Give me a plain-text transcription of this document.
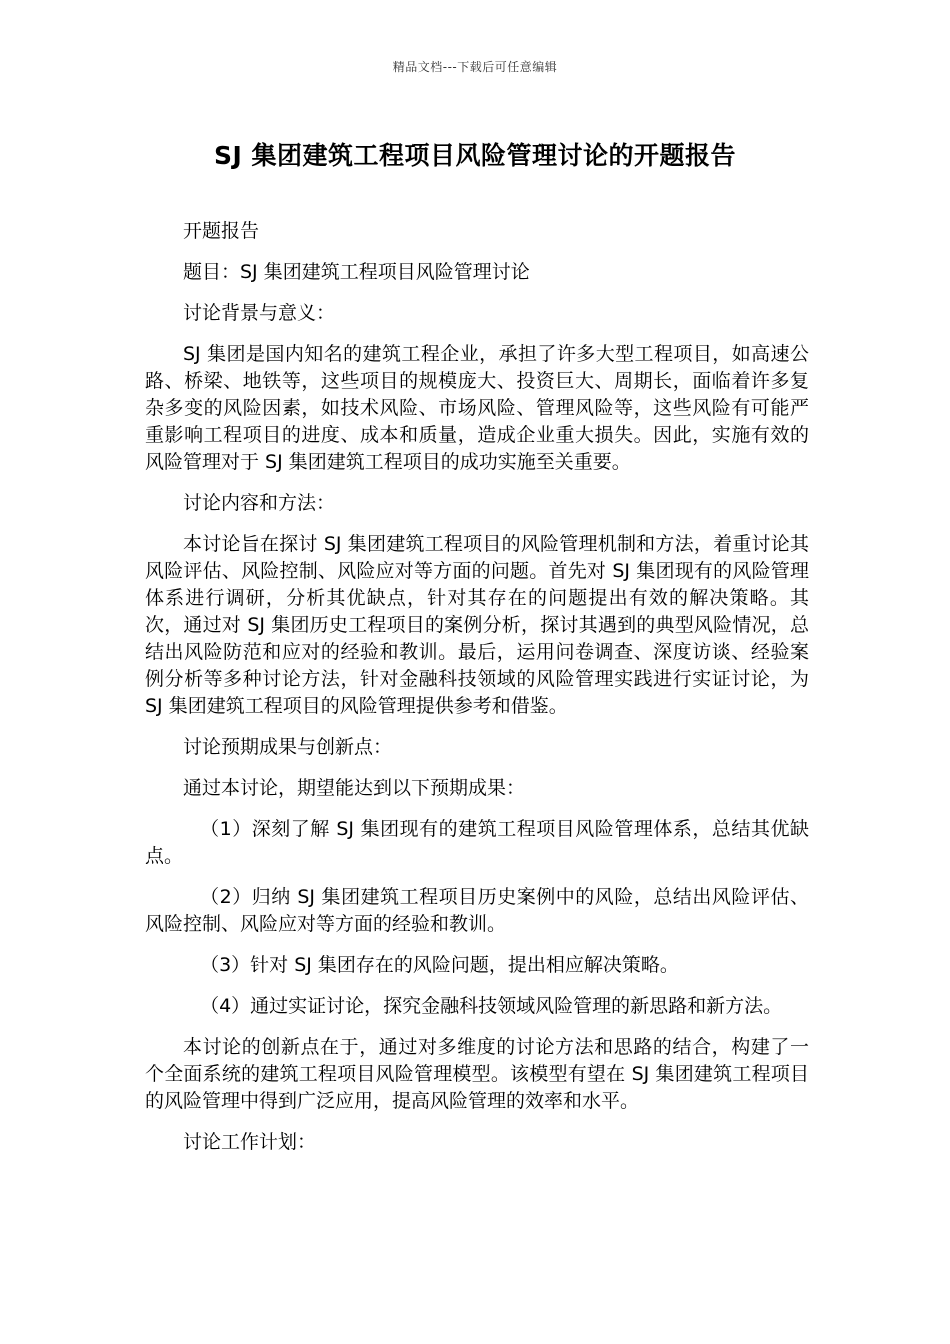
精品文档---下载后可任意编辑
SJ 集团建筑工程项目风险管理讨论的开题报告

开题报告

题目：SJ 集团建筑工程项目风险管理讨论

讨论背景与意义：

SJ 集团是国内知名的建筑工程企业，承担了许多大型工程项目，如高速公路、桥梁、地铁等，这些项目的规模庞大、投资巨大、周期长，面临着许多复杂多变的风险因素，如技术风险、市场风险、管理风险等，这些风险有可能严重影响工程项目的进度、成本和质量，造成企业重大损失。因此，实施有效的风险管理对于 SJ 集团建筑工程项目的成功实施至关重要。

讨论内容和方法：

本讨论旨在探讨 SJ 集团建筑工程项目的风险管理机制和方法，着重讨论其风险评估、风险控制、风险应对等方面的问题。首先对 SJ 集团现有的风险管理体系进行调研，分析其优缺点，针对其存在的问题提出有效的解决策略。其次，通过对 SJ 集团历史工程项目的案例分析，探讨其遇到的典型风险情况，总结出风险防范和应对的经验和教训。最后，运用问卷调查、深度访谈、经验案例分析等多种讨论方法，针对金融科技领域的风险管理实践进行实证讨论，为 SJ 集团建筑工程项目的风险管理提供参考和借鉴。

讨论预期成果与创新点：

通过本讨论，期望能达到以下预期成果：

（1）深刻了解 SJ 集团现有的建筑工程项目风险管理体系，总结其优缺点。

（2）归纳 SJ 集团建筑工程项目历史案例中的风险，总结出风险评估、风险控制、风险应对等方面的经验和教训。

（3）针对 SJ 集团存在的风险问题，提出相应解决策略。

（4）通过实证讨论，探究金融科技领域风险管理的新思路和新方法。

本讨论的创新点在于，通过对多维度的讨论方法和思路的结合，构建了一个全面系统的建筑工程项目风险管理模型。该模型有望在 SJ 集团建筑工程项目的风险管理中得到广泛应用，提高风险管理的效率和水平。

讨论工作计划：
